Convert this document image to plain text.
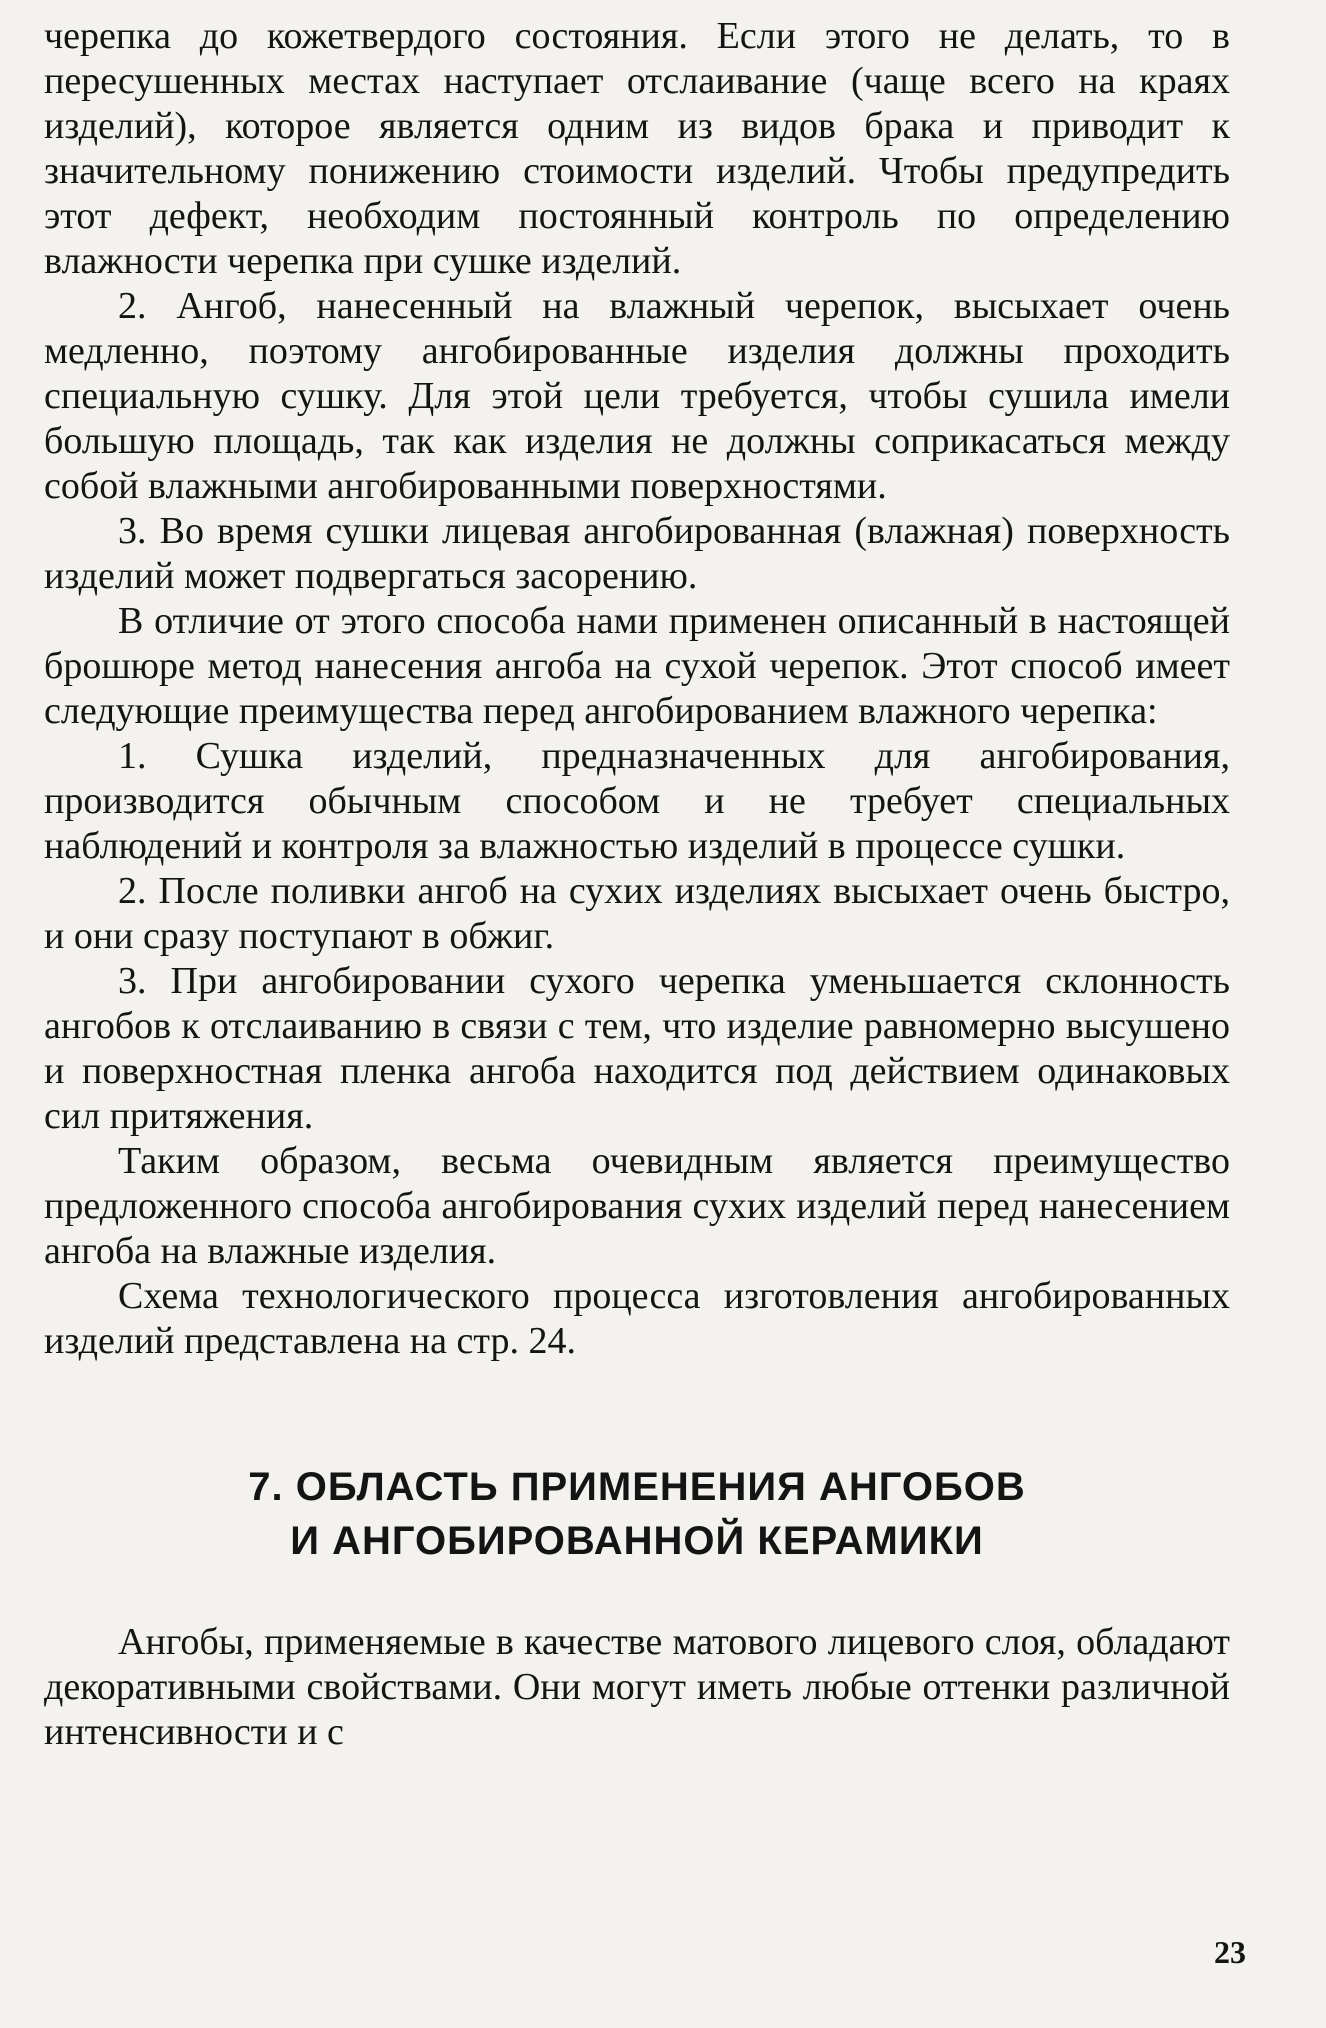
черепка до кожетвердого состояния. Если этого не делать, то в пересушенных местах наступает отслаивание (чаще всего на краях изделий), которое является одним из видов брака и приводит к значительному понижению стоимости изделий. Чтобы предупредить этот дефект, необходим постоянный контроль по определению влажности черепка при сушке изделий.

2. Ангоб, нанесенный на влажный черепок, высыхает очень медленно, поэтому ангобированные изделия должны проходить специальную сушку. Для этой цели требуется, чтобы сушила имели большую площадь, так как изделия не должны соприкасаться между собой влажными ангобированными поверхностями.

3. Во время сушки лицевая ангобированная (влажная) поверхность изделий может подвергаться засорению.

В отличие от этого способа нами применен описанный в настоящей брошюре метод нанесения ангоба на сухой черепок. Этот способ имеет следующие преимущества перед ангобированием влажного черепка:

1. Сушка изделий, предназначенных для ангобирования, производится обычным способом и не требует специальных наблюдений и контроля за влажностью изделий в процессе сушки.

2. После поливки ангоб на сухих изделиях высыхает очень быстро, и они сразу поступают в обжиг.

3. При ангобировании сухого черепка уменьшается склонность ангобов к отслаиванию в связи с тем, что изделие равномерно высушено и поверхностная пленка ангоба находится под действием одинаковых сил притяжения.

Таким образом, весьма очевидным является преимущество предложенного способа ангобирования сухих изделий перед нанесением ангоба на влажные изделия.

Схема технологического процесса изготовления ангобированных изделий представлена на стр. 24.

7. ОБЛАСТЬ ПРИМЕНЕНИЯ АНГОБОВ
И АНГОБИРОВАННОЙ КЕРАМИКИ

Ангобы, применяемые в качестве матового лицевого слоя, обладают декоративными свойствами. Они могут иметь любые оттенки различной интенсивности и с

23
